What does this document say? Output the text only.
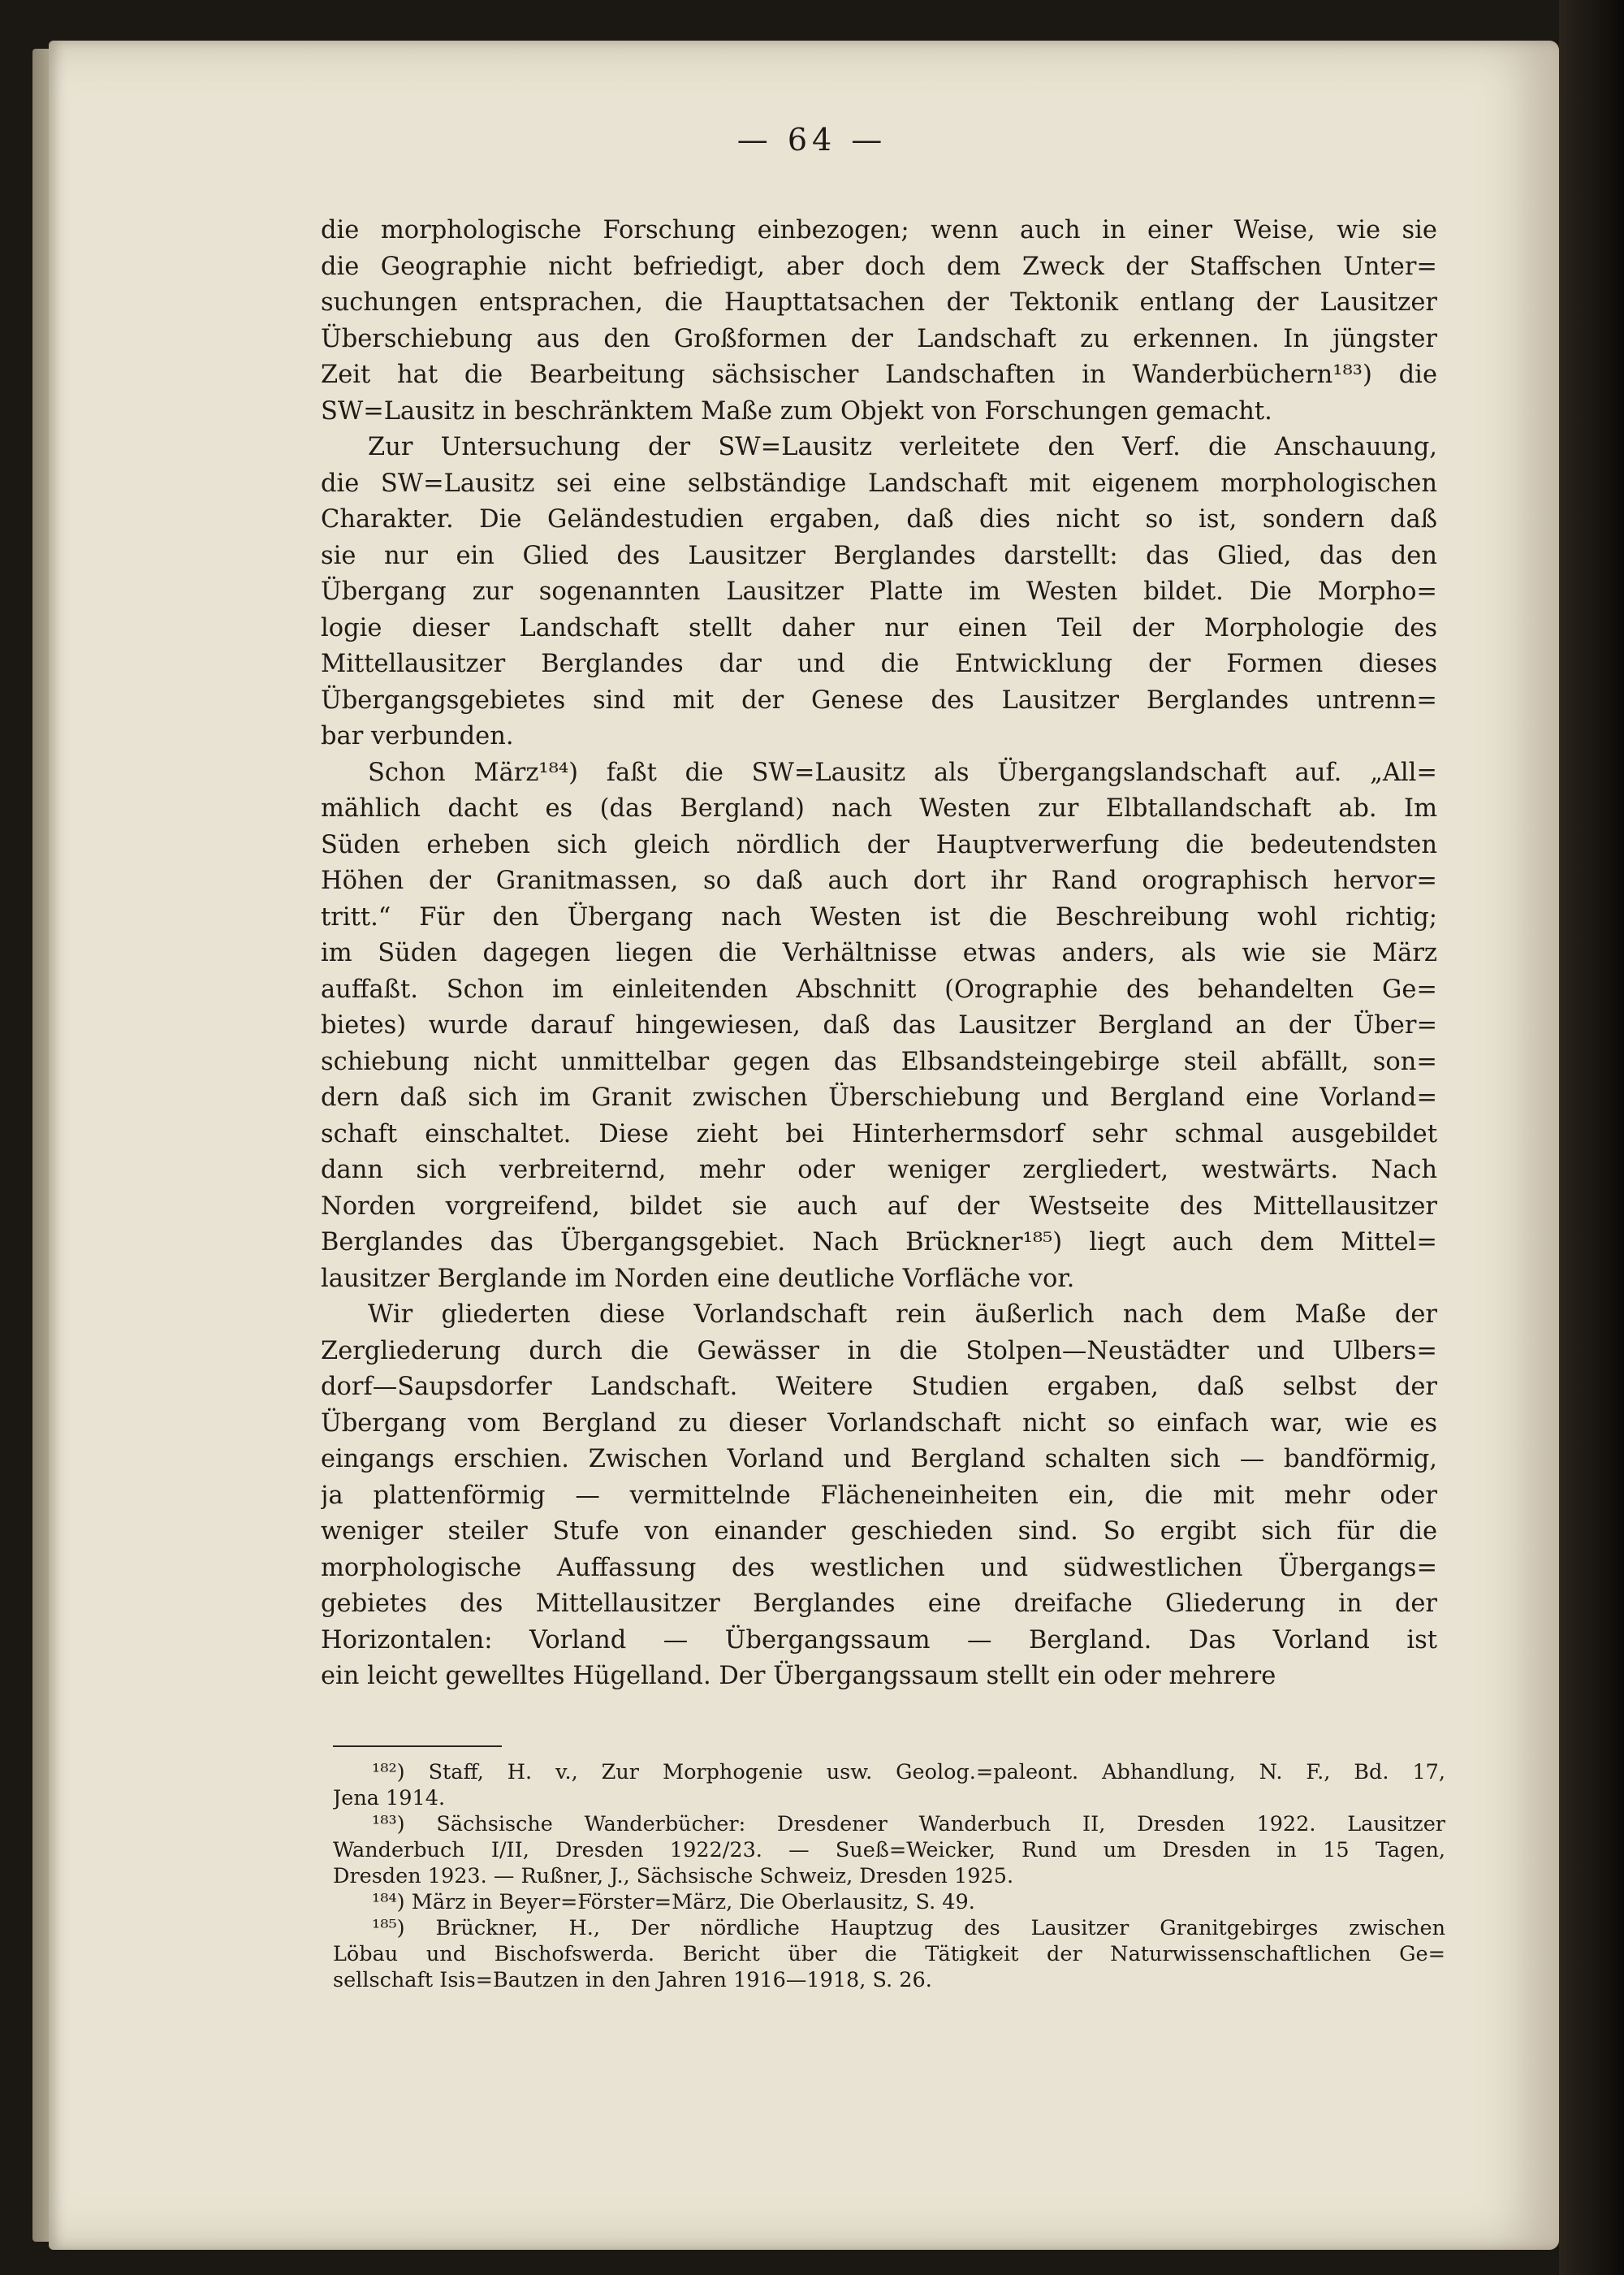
— 64 —
die morphologische Forschung einbezogen; wenn auch in einer Weise, wie sie
die Geographie nicht befriedigt, aber doch dem Zweck der Staffschen Unter=
suchungen entsprachen, die Haupttatsachen der Tektonik entlang der Lausitzer
Überschiebung aus den Großformen der Landschaft zu erkennen. In jüngster
Zeit hat die Bearbeitung sächsischer Landschaften in Wanderbüchern¹⁸³) die
SW=Lausitz in beschränktem Maße zum Objekt von Forschungen gemacht.
Zur Untersuchung der SW=Lausitz verleitete den Verf. die Anschauung,
die SW=Lausitz sei eine selbständige Landschaft mit eigenem morphologischen
Charakter. Die Geländestudien ergaben, daß dies nicht so ist, sondern daß
sie nur ein Glied des Lausitzer Berglandes darstellt: das Glied, das den
Übergang zur sogenannten Lausitzer Platte im Westen bildet. Die Morpho=
logie dieser Landschaft stellt daher nur einen Teil der Morphologie des
Mittellausitzer Berglandes dar und die Entwicklung der Formen dieses
Übergangsgebietes sind mit der Genese des Lausitzer Berglandes untrenn=
bar verbunden.
Schon März¹⁸⁴) faßt die SW=Lausitz als Übergangslandschaft auf. „All=
mählich dacht es (das Bergland) nach Westen zur Elbtallandschaft ab. Im
Süden erheben sich gleich nördlich der Hauptverwerfung die bedeutendsten
Höhen der Granitmassen, so daß auch dort ihr Rand orographisch hervor=
tritt.“ Für den Übergang nach Westen ist die Beschreibung wohl richtig;
im Süden dagegen liegen die Verhältnisse etwas anders, als wie sie März
auffaßt. Schon im einleitenden Abschnitt (Orographie des behandelten Ge=
bietes) wurde darauf hingewiesen, daß das Lausitzer Bergland an der Über=
schiebung nicht unmittelbar gegen das Elbsandsteingebirge steil abfällt, son=
dern daß sich im Granit zwischen Überschiebung und Bergland eine Vorland=
schaft einschaltet. Diese zieht bei Hinterhermsdorf sehr schmal ausgebildet
dann sich verbreiternd, mehr oder weniger zergliedert, westwärts. Nach
Norden vorgreifend, bildet sie auch auf der Westseite des Mittellausitzer
Berglandes das Übergangsgebiet. Nach Brückner¹⁸⁵) liegt auch dem Mittel=
lausitzer Berglande im Norden eine deutliche Vorfläche vor.
Wir gliederten diese Vorlandschaft rein äußerlich nach dem Maße der
Zergliederung durch die Gewässer in die Stolpen—Neustädter und Ulbers=
dorf—Saupsdorfer Landschaft. Weitere Studien ergaben, daß selbst der
Übergang vom Bergland zu dieser Vorlandschaft nicht so einfach war, wie es
eingangs erschien. Zwischen Vorland und Bergland schalten sich — bandförmig,
ja plattenförmig — vermittelnde Flächeneinheiten ein, die mit mehr oder
weniger steiler Stufe von einander geschieden sind. So ergibt sich für die
morphologische Auffassung des westlichen und südwestlichen Übergangs=
gebietes des Mittellausitzer Berglandes eine dreifache Gliederung in der
Horizontalen: Vorland — Übergangssaum — Bergland. Das Vorland ist
ein leicht gewelltes Hügelland. Der Übergangssaum stellt ein oder mehrere
¹⁸²) Staff, H. v., Zur Morphogenie usw. Geolog.=paleont. Abhandlung, N. F., Bd. 17,
Jena 1914.
¹⁸³) Sächsische Wanderbücher: Dresdener Wanderbuch II, Dresden 1922. Lausitzer
Wanderbuch I/II, Dresden 1922/23. — Sueß=Weicker, Rund um Dresden in 15 Tagen,
Dresden 1923. — Rußner, J., Sächsische Schweiz, Dresden 1925.
¹⁸⁴) März in Beyer=Förster=März, Die Oberlausitz, S. 49.
¹⁸⁵) Brückner, H., Der nördliche Hauptzug des Lausitzer Granitgebirges zwischen
Löbau und Bischofswerda. Bericht über die Tätigkeit der Naturwissenschaftlichen Ge=
sellschaft Isis=Bautzen in den Jahren 1916—1918, S. 26.
